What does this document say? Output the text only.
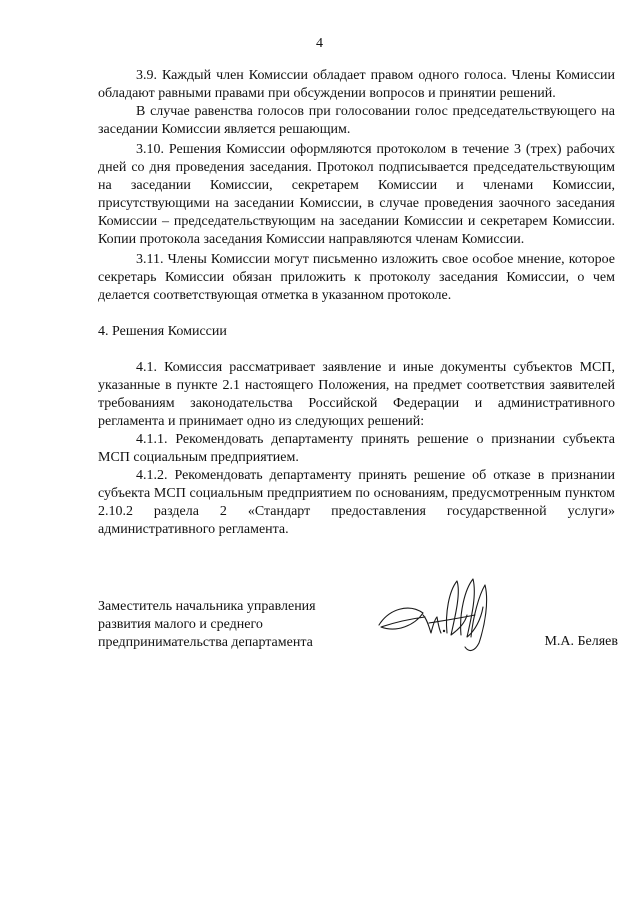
4

3.9. Каждый член Комиссии обладает правом одного голоса. Члены Комиссии обладают равными правами при обсуждении вопросов и принятии решений.

В случае равенства голосов при голосовании голос председательствующего на заседании Комиссии является решающим.

3.10. Решения Комиссии оформляются протоколом в течение 3 (трех) рабочих дней со дня проведения заседания. Протокол подписывается председательствующим на заседании Комиссии, секретарем Комиссии и членами Комиссии, присутствующими на заседании Комиссии, в случае проведения заочного заседания Комиссии – председательствующим на заседании Комиссии и секретарем Комиссии. Копии протокола заседания Комиссии направляются членам Комиссии.

3.11. Члены Комиссии могут письменно изложить свое особое мнение, которое секретарь Комиссии обязан приложить к протоколу заседания Комиссии, о чем делается соответствующая отметка в указанном протоколе.

4. Решения Комиссии

4.1. Комиссия рассматривает заявление и иные документы субъектов МСП, указанные в пункте 2.1 настоящего Положения, на предмет соответствия заявителей требованиям законодательства Российской Федерации и административного регламента и принимает одно из следующих решений:

4.1.1. Рекомендовать департаменту принять решение о признании субъекта МСП социальным предприятием.

4.1.2. Рекомендовать департаменту принять решение об отказе в признании субъекта МСП социальным предприятием по основаниям, предусмотренным пунктом 2.10.2 раздела 2 «Стандарт предоставления государственной услуги» административного регламента.

Заместитель начальника управления
развития малого и среднего
предпринимательства департамента	М.А. Беляев
